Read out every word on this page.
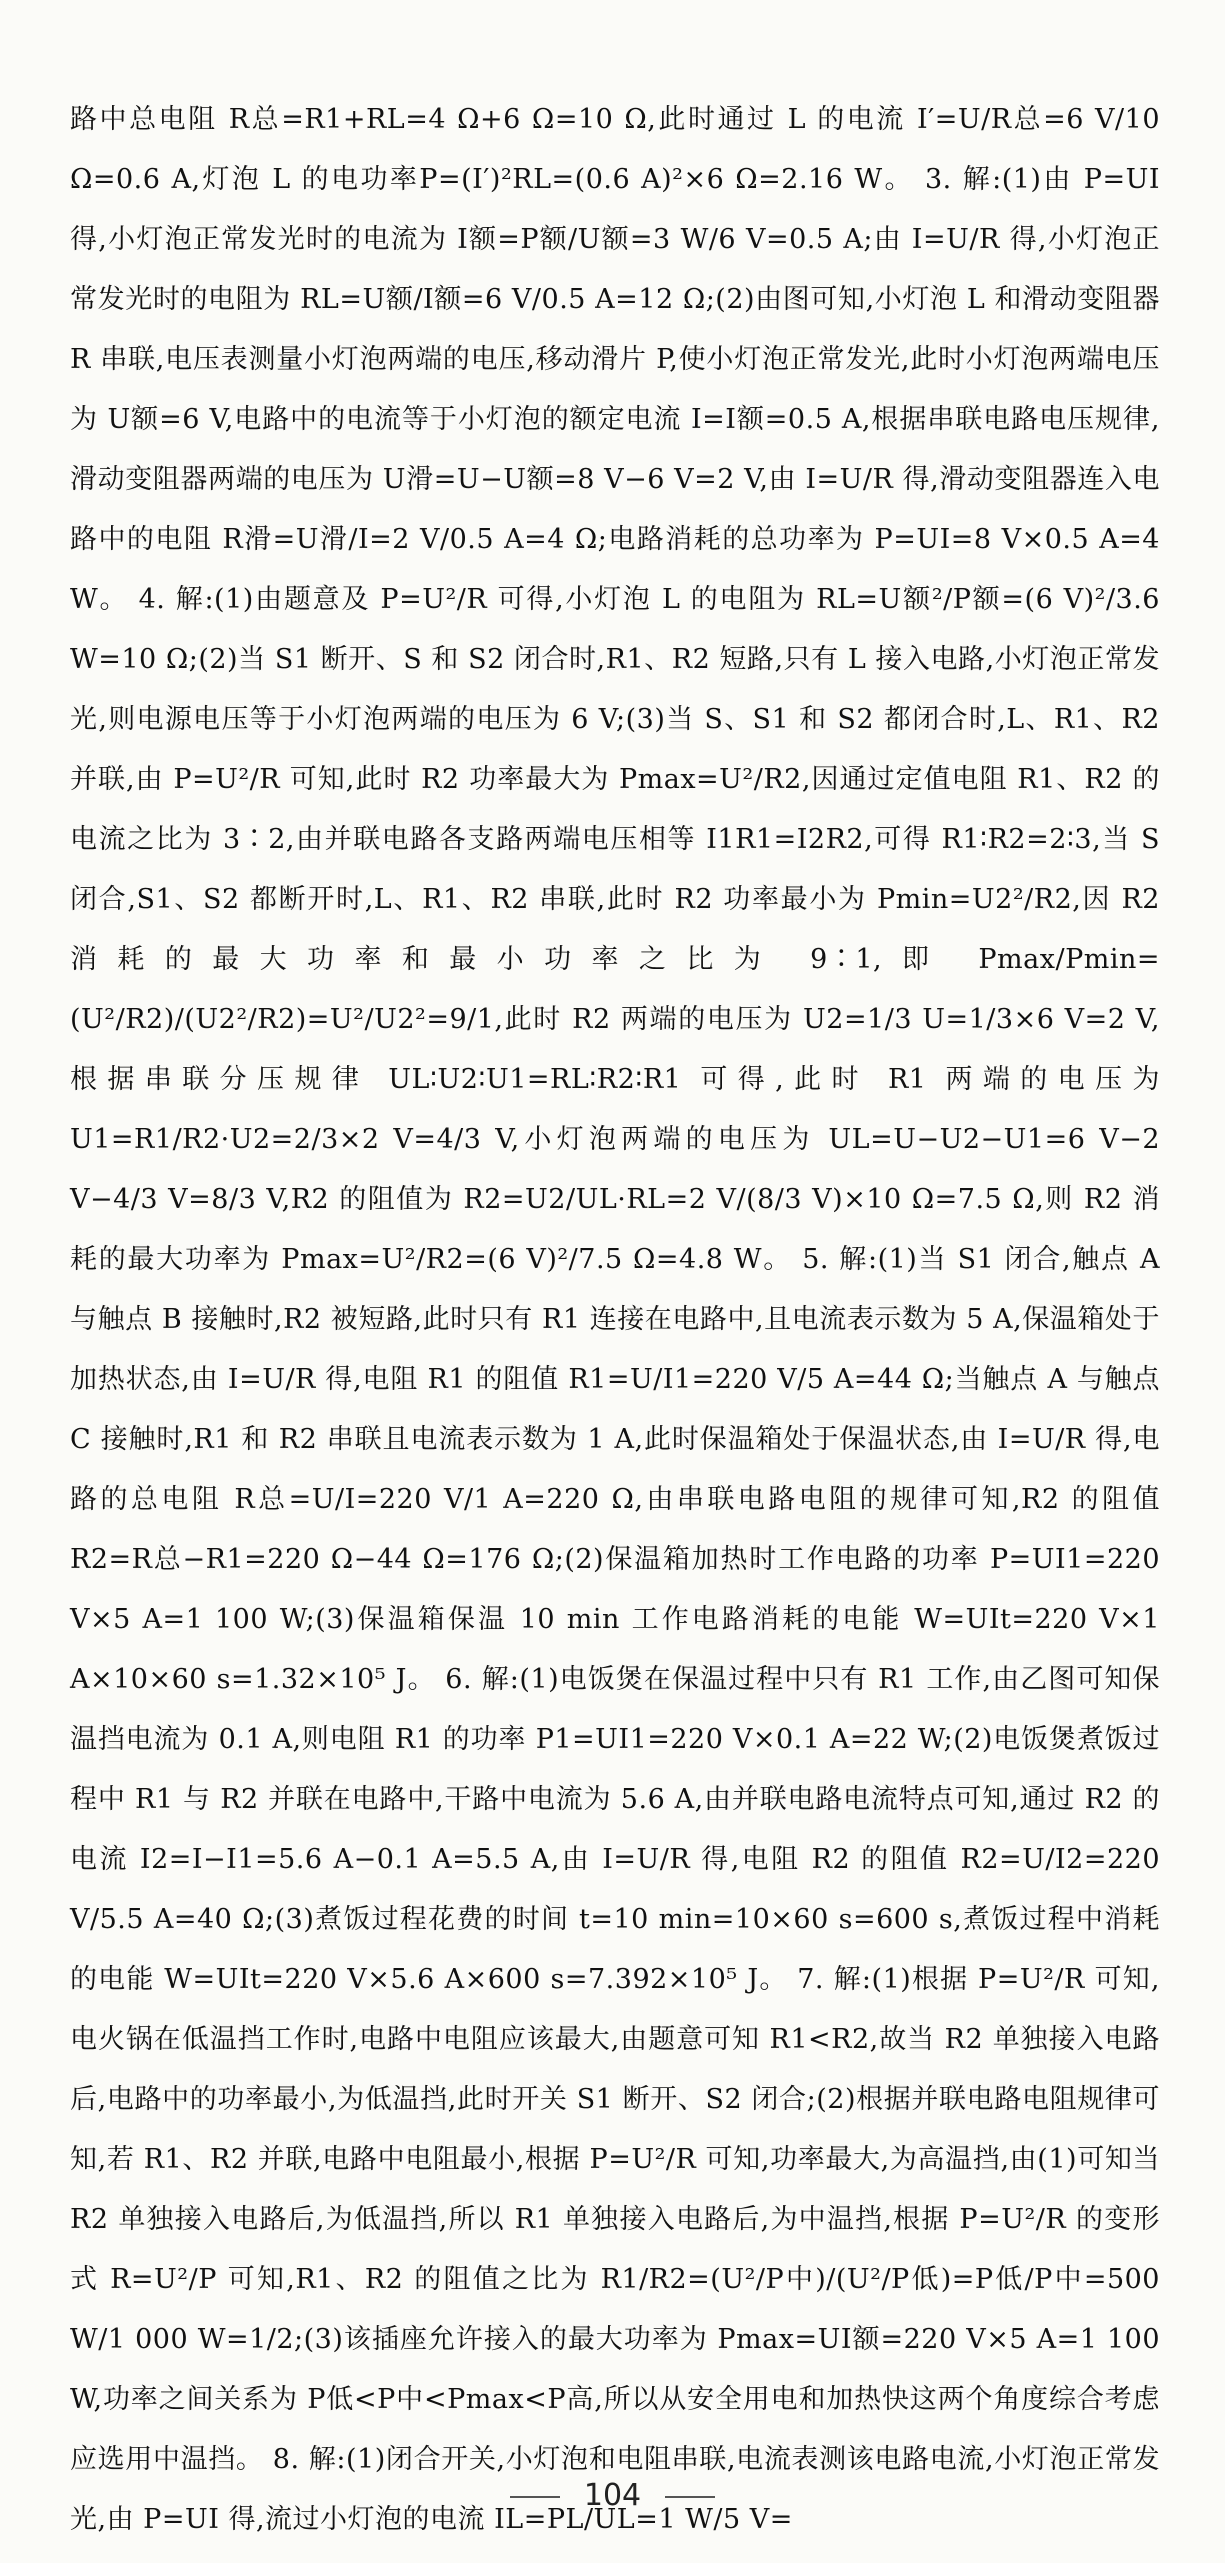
路中总电阻 R总=R1+RL=4 Ω+6 Ω=10 Ω,此时通过 L 的电流 I′=U/R总=6 V/10 Ω=0.6 A,灯泡 L 的电功率P=(I′)²RL=(0.6 A)²×6 Ω=2.16 W。 3. 解:(1)由 P=UI 得,小灯泡正常发光时的电流为 I额=P额/U额=3 W/6 V=0.5 A;由 I=U/R 得,小灯泡正常发光时的电阻为 RL=U额/I额=6 V/0.5 A=12 Ω;(2)由图可知,小灯泡 L 和滑动变阻器 R 串联,电压表测量小灯泡两端的电压,移动滑片 P,使小灯泡正常发光,此时小灯泡两端电压为 U额=6 V,电路中的电流等于小灯泡的额定电流 I=I额=0.5 A,根据串联电路电压规律,滑动变阻器两端的电压为 U滑=U−U额=8 V−6 V=2 V,由 I=U/R 得,滑动变阻器连入电路中的电阻 R滑=U滑/I=2 V/0.5 A=4 Ω;电路消耗的总功率为 P=UI=8 V×0.5 A=4 W。 4. 解:(1)由题意及 P=U²/R 可得,小灯泡 L 的电阻为 RL=U额²/P额=(6 V)²/3.6 W=10 Ω;(2)当 S1 断开、S 和 S2 闭合时,R1、R2 短路,只有 L 接入电路,小灯泡正常发光,则电源电压等于小灯泡两端的电压为 6 V;(3)当 S、S1 和 S2 都闭合时,L、R1、R2 并联,由 P=U²/R 可知,此时 R2 功率最大为 Pmax=U²/R2,因通过定值电阻 R1、R2 的电流之比为 3∶2,由并联电路各支路两端电压相等 I1R1=I2R2,可得 R1∶R2=2∶3,当 S 闭合,S1、S2 都断开时,L、R1、R2 串联,此时 R2 功率最小为 Pmin=U2²/R2,因 R2 消耗的最大功率和最小功率之比为 9∶1,即 Pmax/Pmin=(U²/R2)/(U2²/R2)=U²/U2²=9/1,此时 R2 两端的电压为 U2=1/3 U=1/3×6 V=2 V,根据串联分压规律 UL∶U2∶U1=RL∶R2∶R1 可得,此时 R1 两端的电压为 U1=R1/R2·U2=2/3×2 V=4/3 V,小灯泡两端的电压为 UL=U−U2−U1=6 V−2 V−4/3 V=8/3 V,R2 的阻值为 R2=U2/UL·RL=2 V/(8/3 V)×10 Ω=7.5 Ω,则 R2 消耗的最大功率为 Pmax=U²/R2=(6 V)²/7.5 Ω=4.8 W。 5. 解:(1)当 S1 闭合,触点 A 与触点 B 接触时,R2 被短路,此时只有 R1 连接在电路中,且电流表示数为 5 A,保温箱处于加热状态,由 I=U/R 得,电阻 R1 的阻值 R1=U/I1=220 V/5 A=44 Ω;当触点 A 与触点 C 接触时,R1 和 R2 串联且电流表示数为 1 A,此时保温箱处于保温状态,由 I=U/R 得,电路的总电阻 R总=U/I=220 V/1 A=220 Ω,由串联电路电阻的规律可知,R2 的阻值 R2=R总−R1=220 Ω−44 Ω=176 Ω;(2)保温箱加热时工作电路的功率 P=UI1=220 V×5 A=1 100 W;(3)保温箱保温 10 min 工作电路消耗的电能 W=UIt=220 V×1 A×10×60 s=1.32×10⁵ J。 6. 解:(1)电饭煲在保温过程中只有 R1 工作,由乙图可知保温挡电流为 0.1 A,则电阻 R1 的功率 P1=UI1=220 V×0.1 A=22 W;(2)电饭煲煮饭过程中 R1 与 R2 并联在电路中,干路中电流为 5.6 A,由并联电路电流特点可知,通过 R2 的电流 I2=I−I1=5.6 A−0.1 A=5.5 A,由 I=U/R 得,电阻 R2 的阻值 R2=U/I2=220 V/5.5 A=40 Ω;(3)煮饭过程花费的时间 t=10 min=10×60 s=600 s,煮饭过程中消耗的电能 W=UIt=220 V×5.6 A×600 s=7.392×10⁵ J。 7. 解:(1)根据 P=U²/R 可知,电火锅在低温挡工作时,电路中电阻应该最大,由题意可知 R1<R2,故当 R2 单独接入电路后,电路中的功率最小,为低温挡,此时开关 S1 断开、S2 闭合;(2)根据并联电路电阻规律可知,若 R1、R2 并联,电路中电阻最小,根据 P=U²/R 可知,功率最大,为高温挡,由(1)可知当 R2 单独接入电路后,为低温挡,所以 R1 单独接入电路后,为中温挡,根据 P=U²/R 的变形式 R=U²/P 可知,R1、R2 的阻值之比为 R1/R2=(U²/P中)/(U²/P低)=P低/P中=500 W/1 000 W=1/2;(3)该插座允许接入的最大功率为 Pmax=UI额=220 V×5 A=1 100 W,功率之间关系为 P低<P中<Pmax<P高,所以从安全用电和加热快这两个角度综合考虑应选用中温挡。 8. 解:(1)闭合开关,小灯泡和电阻串联,电流表测该电路电流,小灯泡正常发光,由 P=UI 得,流过小灯泡的电流 IL=PL/UL=1 W/5 V=

104
